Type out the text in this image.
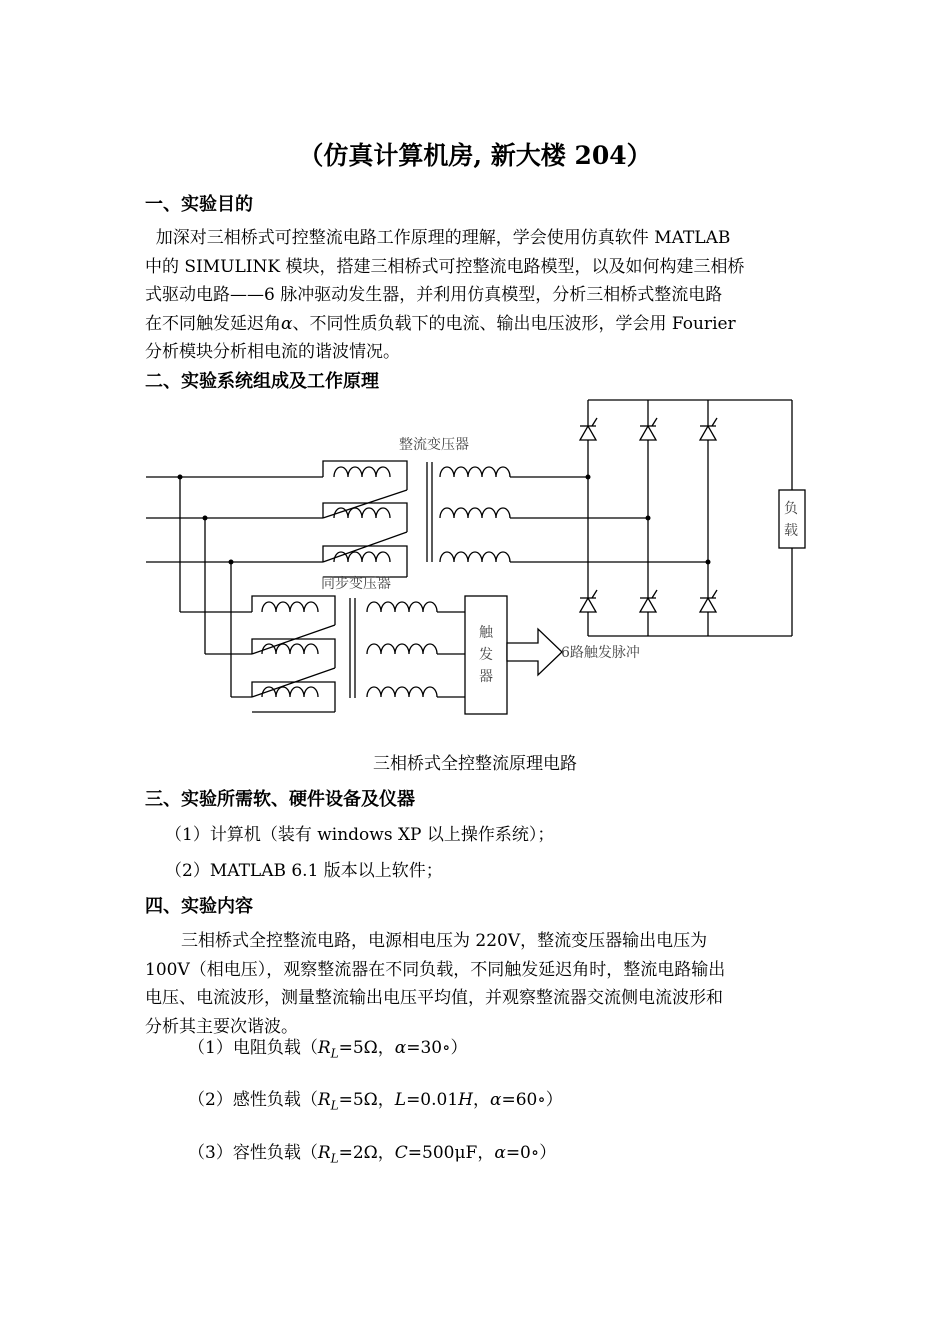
（仿真计算机房, 新大楼 204）
一、实验目的
加深对三相桥式可控整流电路工作原理的理解，学会使用仿真软件 MATLAB
中的 SIMULINK 模块，搭建三相桥式可控整流电路模型，以及如何构建三相桥
式驱动电路——6 脉冲驱动发生器，并利用仿真模型，分析三相桥式整流电路
在不同触发延迟角α、不同性质负载下的电流、输出电压波形，学会用 Fourier
分析模块分析相电流的谐波情况。
二、实验系统组成及工作原理
整流变压器
同步变压器
负
载
触
发
器
6路触发脉冲
三相桥式全控整流原理电路
三、实验所需软、硬件设备及仪器
（1）计算机（装有 windows XP 以上操作系统）；
（2）MATLAB 6.1 版本以上软件；
四、实验内容
三相桥式全控整流电路，电源相电压为 220V，整流变压器输出电压为
100V（相电压），观察整流器在不同负载，不同触发延迟角时，整流电路输出
电压、电流波形，测量整流输出电压平均值，并观察整流器交流侧电流波形和
分析其主要次谐波。
（1）电阻负载（$R_L=5\Omega$，α=30∘）
（2）感性负载（$R_L=5\Omega$，L=0.01H，α=60∘）
（3）容性负载（$R_L=2\Omega$，C=500μF，α=0∘）
